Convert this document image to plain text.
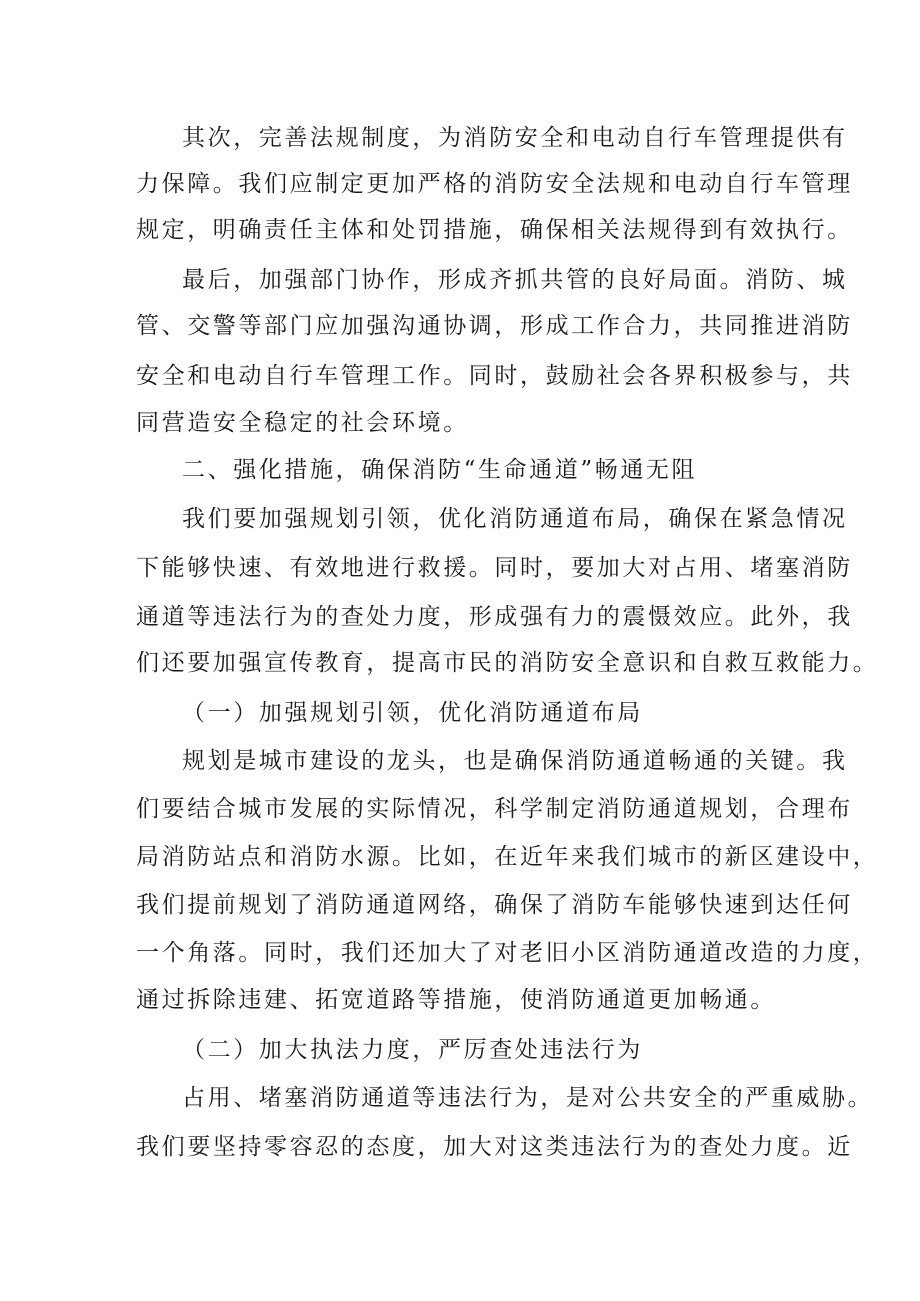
其次，完善法规制度，为消防安全和电动自行车管理提供有
力保障。我们应制定更加严格的消防安全法规和电动自行车管理
规定，明确责任主体和处罚措施，确保相关法规得到有效执行。
最后，加强部门协作，形成齐抓共管的良好局面。消防、城
管、交警等部门应加强沟通协调，形成工作合力，共同推进消防
安全和电动自行车管理工作。同时，鼓励社会各界积极参与，共
同营造安全稳定的社会环境。
二、强化措施，确保消防“生命通道”畅通无阻
我们要加强规划引领，优化消防通道布局，确保在紧急情况
下能够快速、有效地进行救援。同时，要加大对占用、堵塞消防
通道等违法行为的查处力度，形成强有力的震慑效应。此外，我
们还要加强宣传教育，提高市民的消防安全意识和自救互救能力。
（一）加强规划引领，优化消防通道布局
规划是城市建设的龙头，也是确保消防通道畅通的关键。我
们要结合城市发展的实际情况，科学制定消防通道规划，合理布
局消防站点和消防水源。比如，在近年来我们城市的新区建设中，
我们提前规划了消防通道网络，确保了消防车能够快速到达任何
一个角落。同时，我们还加大了对老旧小区消防通道改造的力度，
通过拆除违建、拓宽道路等措施，使消防通道更加畅通。
（二）加大执法力度，严厉查处违法行为
占用、堵塞消防通道等违法行为，是对公共安全的严重威胁。
我们要坚持零容忍的态度，加大对这类违法行为的查处力度。近
